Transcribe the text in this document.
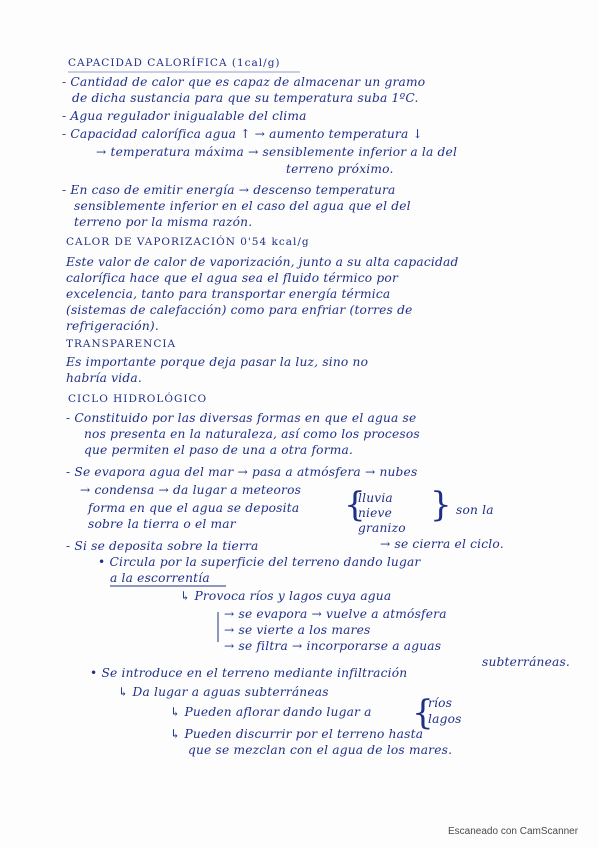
CAPACIDAD CALORÍFICA (1cal/g)
- Cantidad de calor que es capaz de almacenar un gramo
de dicha sustancia para que su temperatura suba 1ºC.
- Agua regulador inigualable del clima
- Capacidad calorífica agua ↑ → aumento temperatura ↓
→ temperatura máxima → sensiblemente inferior a la del
terreno próximo.
- En caso de emitir energía → descenso temperatura
sensiblemente inferior en el caso del agua que el del
terreno por la misma razón.
CALOR DE VAPORIZACIÓN 0'54 kcal/g
Este valor de calor de vaporización, junto a su alta capacidad
calorífica hace que el agua sea el fluido térmico por
excelencia, tanto para transportar energía térmica
(sistemas de calefacción) como para enfriar (torres de
refrigeración).
TRANSPARENCIA
Es importante porque deja pasar la luz, sino no
habría vida.
CICLO HIDROLÓGICO
- Constituido por las diversas formas en que el agua se
nos presenta en la naturaleza, así como los procesos
que permiten el paso de una a otra forma.
- Se evapora agua del mar → pasa a atmósfera → nubes
→ condensa → da lugar a meteoros {
lluvia
nieve
granizo
} son la
forma en que el agua se deposita
sobre la tierra o el mar
→ se cierra el ciclo.
- Si se deposita sobre la tierra
• Circula por la superficie del terreno dando lugar
a la escorrentía
↳ Provoca ríos y lagos cuya agua
→ se evapora → vuelve a atmósfera
→ se vierte a los mares
→ se filtra → incorporarse a aguas
subterráneas.
• Se introduce en el terreno mediante infiltración
↳ Da lugar a aguas subterráneas
↳ Pueden aflorar dando lugar a {
ríos
lagos
↳ Pueden discurrir por el terreno hasta
que se mezclan con el agua de los mares.
Escaneado con CamScanner
